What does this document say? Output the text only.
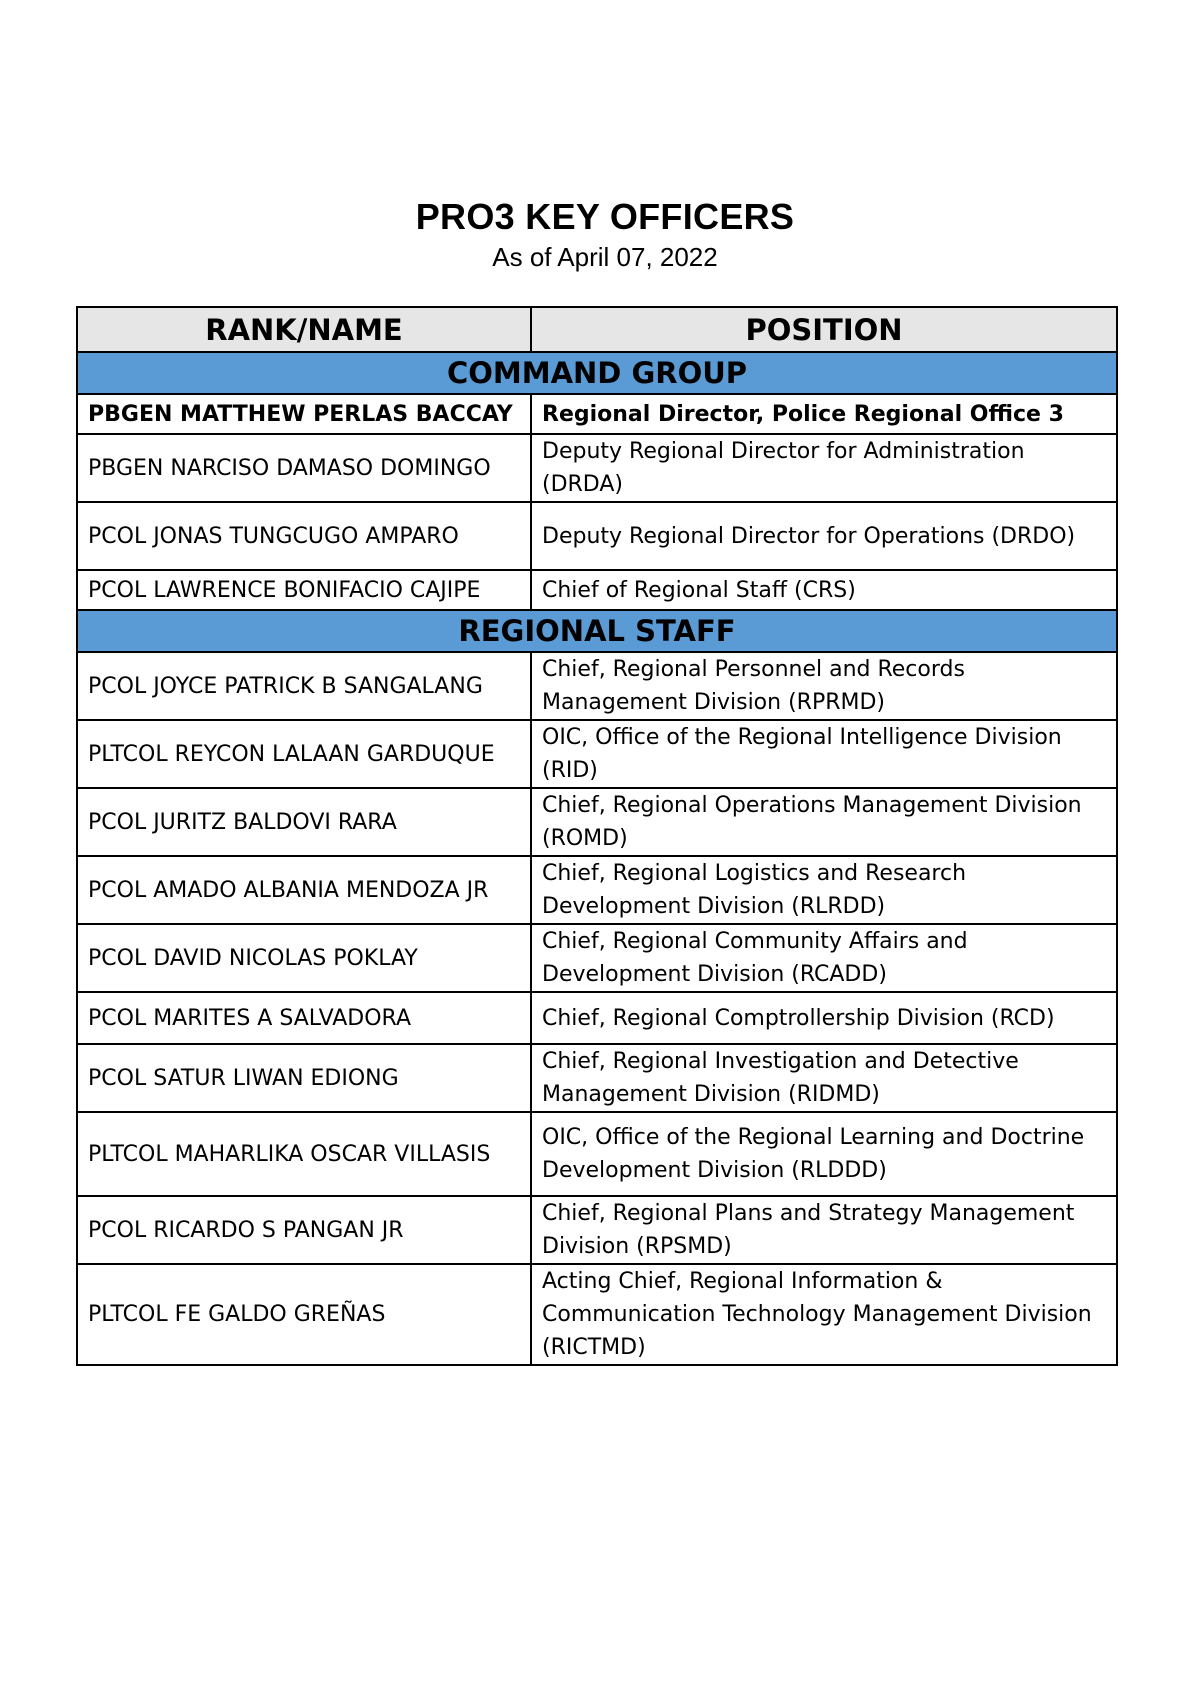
PRO3 KEY OFFICERS
As of April 07, 2022
RANK/NAME	POSITION
COMMAND GROUP	
PBGEN MATTHEW PERLAS BACCAY	Regional Director, Police Regional Office 3
PBGEN NARCISO DAMASO DOMINGO	Deputy Regional Director for Administration (DRDA)
PCOL JONAS TUNGCUGO AMPARO	Deputy Regional Director for Operations (DRDO)
PCOL LAWRENCE BONIFACIO CAJIPE	Chief of Regional Staff (CRS)
REGIONAL STAFF	
PCOL JOYCE PATRICK B SANGALANG	Chief, Regional Personnel and Records Management Division (RPRMD)
PLTCOL REYCON LALAAN GARDUQUE	OIC, Office of the Regional Intelligence Division (RID)
PCOL JURITZ BALDOVI RARA	Chief, Regional Operations Management Division (ROMD)
PCOL AMADO ALBANIA MENDOZA JR	Chief, Regional Logistics and Research Development Division (RLRDD)
PCOL DAVID NICOLAS POKLAY	Chief, Regional Community Affairs and Development Division (RCADD)
PCOL MARITES A SALVADORA	Chief, Regional Comptrollership Division (RCD)
PCOL SATUR LIWAN EDIONG	Chief, Regional Investigation and Detective Management Division (RIDMD)
PLTCOL MAHARLIKA OSCAR VILLASIS	OIC, Office of the Regional Learning and Doctrine Development Division (RLDDD)
PCOL RICARDO S PANGAN JR	Chief, Regional Plans and Strategy Management Division (RPSMD)
PLTCOL FE GALDO GREÑAS	Acting Chief, Regional Information & Communication Technology Management Division (RICTMD)
